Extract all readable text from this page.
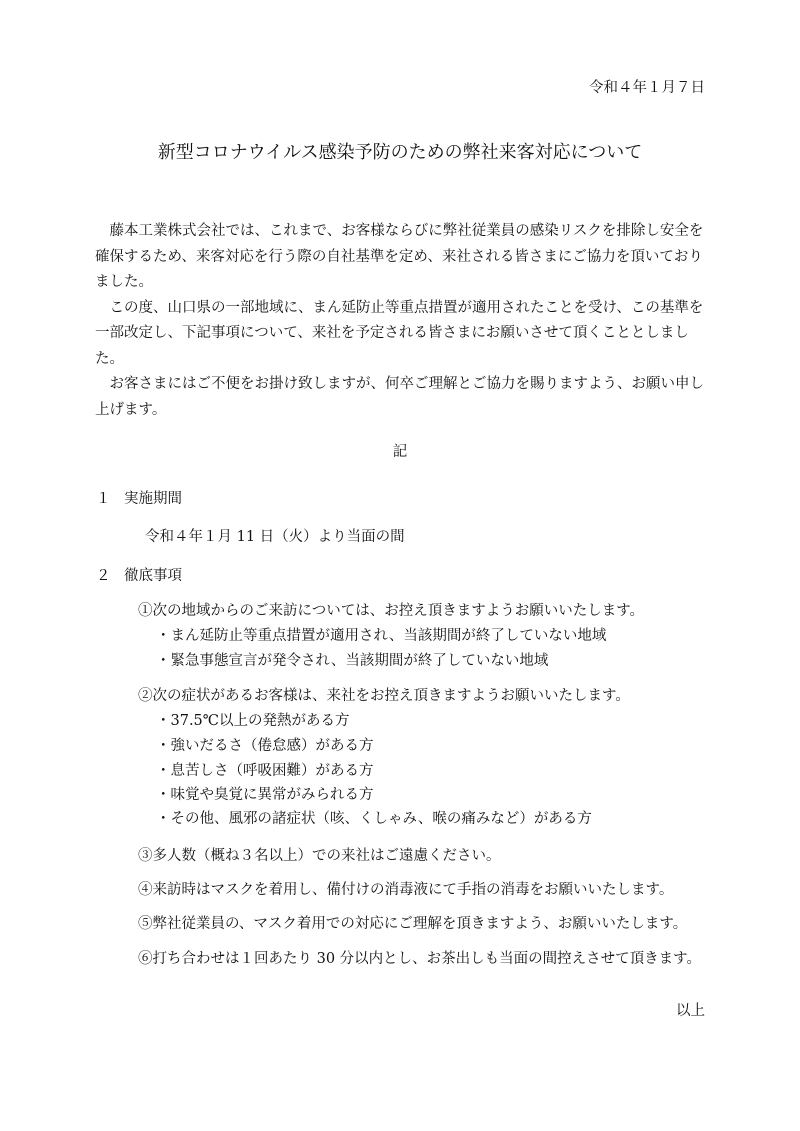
令和４年１月７日
新型コロナウイルス感染予防のための弊社来客対応について

藤本工業株式会社では、これまで、お客様ならびに弊社従業員の感染リスクを排除し安全を確保するため、来客対応を行う際の自社基準を定め、来社される皆さまにご協力を頂いておりました。

この度、山口県の一部地域に、まん延防止等重点措置が適用されたことを受け、この基準を一部改定し、下記事項について、来社を予定される皆さまにお願いさせて頂くこととしました。

お客さまにはご不便をお掛け致しますが、何卒ご理解とご協力を賜りますよう、お願い申し上げます。

記
１ 実施期間
令和４年１月 11 日（火）より当面の間
２ 徹底事項
①次の地域からのご来訪については、お控え頂きますようお願いいたします。
・まん延防止等重点措置が適用され、当該期間が終了していない地域
・緊急事態宣言が発令され、当該期間が終了していない地域
②次の症状があるお客様は、来社をお控え頂きますようお願いいたします。
・37.5℃以上の発熱がある方
・強いだるさ（倦怠感）がある方
・息苦しさ（呼吸困難）がある方
・味覚や臭覚に異常がみられる方
・その他、風邪の諸症状（咳、くしゃみ、喉の痛みなど）がある方
③多人数（概ね３名以上）での来社はご遠慮ください。
④来訪時はマスクを着用し、備付けの消毒液にて手指の消毒をお願いいたします。
⑤弊社従業員の、マスク着用での対応にご理解を頂きますよう、お願いいたします。
⑥打ち合わせは１回あたり 30 分以内とし、お茶出しも当面の間控えさせて頂きます。
以上
